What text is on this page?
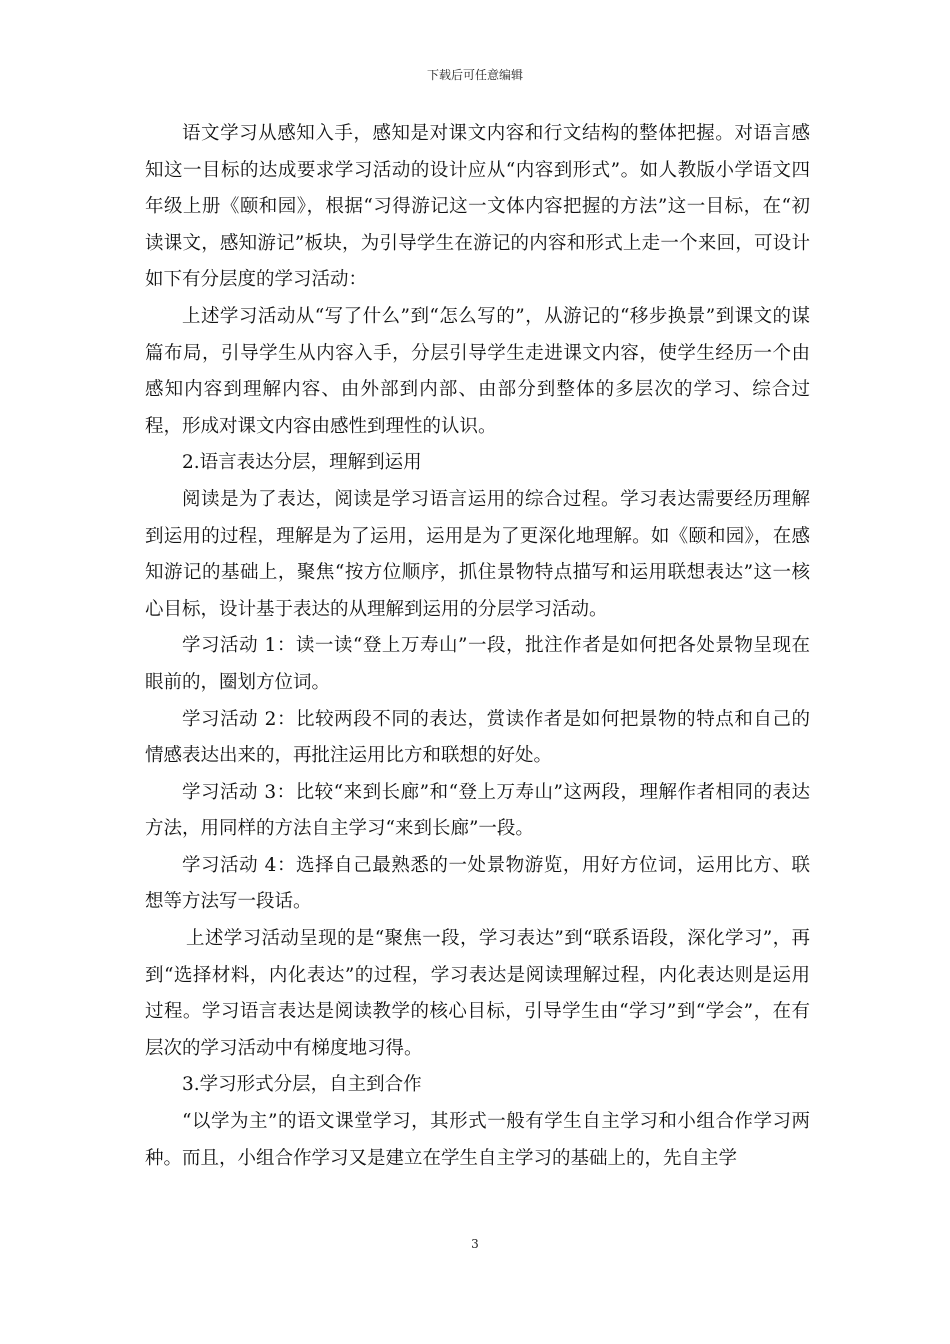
下载后可任意编辑

语文学习从感知入手，感知是对课文内容和行文结构的整体把握。对语言感知这一目标的达成要求学习活动的设计应从“内容到形式”。如人教版小学语文四年级上册《颐和园》，根据“习得游记这一文体内容把握的方法”这一目标，在“初读课文，感知游记”板块，为引导学生在游记的内容和形式上走一个来回，可设计如下有分层度的学习活动：

上述学习活动从“写了什么”到“怎么写的”，从游记的“移步换景”到课文的谋篇布局，引导学生从内容入手，分层引导学生走进课文内容，使学生经历一个由感知内容到理解内容、由外部到内部、由部分到整体的多层次的学习、综合过程，形成对课文内容由感性到理性的认识。

2.语言表达分层，理解到运用

阅读是为了表达，阅读是学习语言运用的综合过程。学习表达需要经历理解到运用的过程，理解是为了运用，运用是为了更深化地理解。如《颐和园》，在感知游记的基础上，聚焦“按方位顺序，抓住景物特点描写和运用联想表达”这一核心目标，设计基于表达的从理解到运用的分层学习活动。

学习活动 1：读一读“登上万寿山”一段，批注作者是如何把各处景物呈现在眼前的，圈划方位词。

学习活动 2：比较两段不同的表达，赏读作者是如何把景物的特点和自己的情感表达出来的，再批注运用比方和联想的好处。

学习活动 3：比较“来到长廊”和“登上万寿山”这两段，理解作者相同的表达方法，用同样的方法自主学习“来到长廊”一段。

学习活动 4：选择自己最熟悉的一处景物游览，用好方位词，运用比方、联想等方法写一段话。

上述学习活动呈现的是“聚焦一段，学习表达”到“联系语段，深化学习”，再到“选择材料，内化表达”的过程，学习表达是阅读理解过程，内化表达则是运用过程。学习语言表达是阅读教学的核心目标，引导学生由“学习”到“学会”，在有层次的学习活动中有梯度地习得。

3.学习形式分层，自主到合作

“以学为主”的语文课堂学习，其形式一般有学生自主学习和小组合作学习两种。而且，小组合作学习又是建立在学生自主学习的基础上的，先自主学

3
